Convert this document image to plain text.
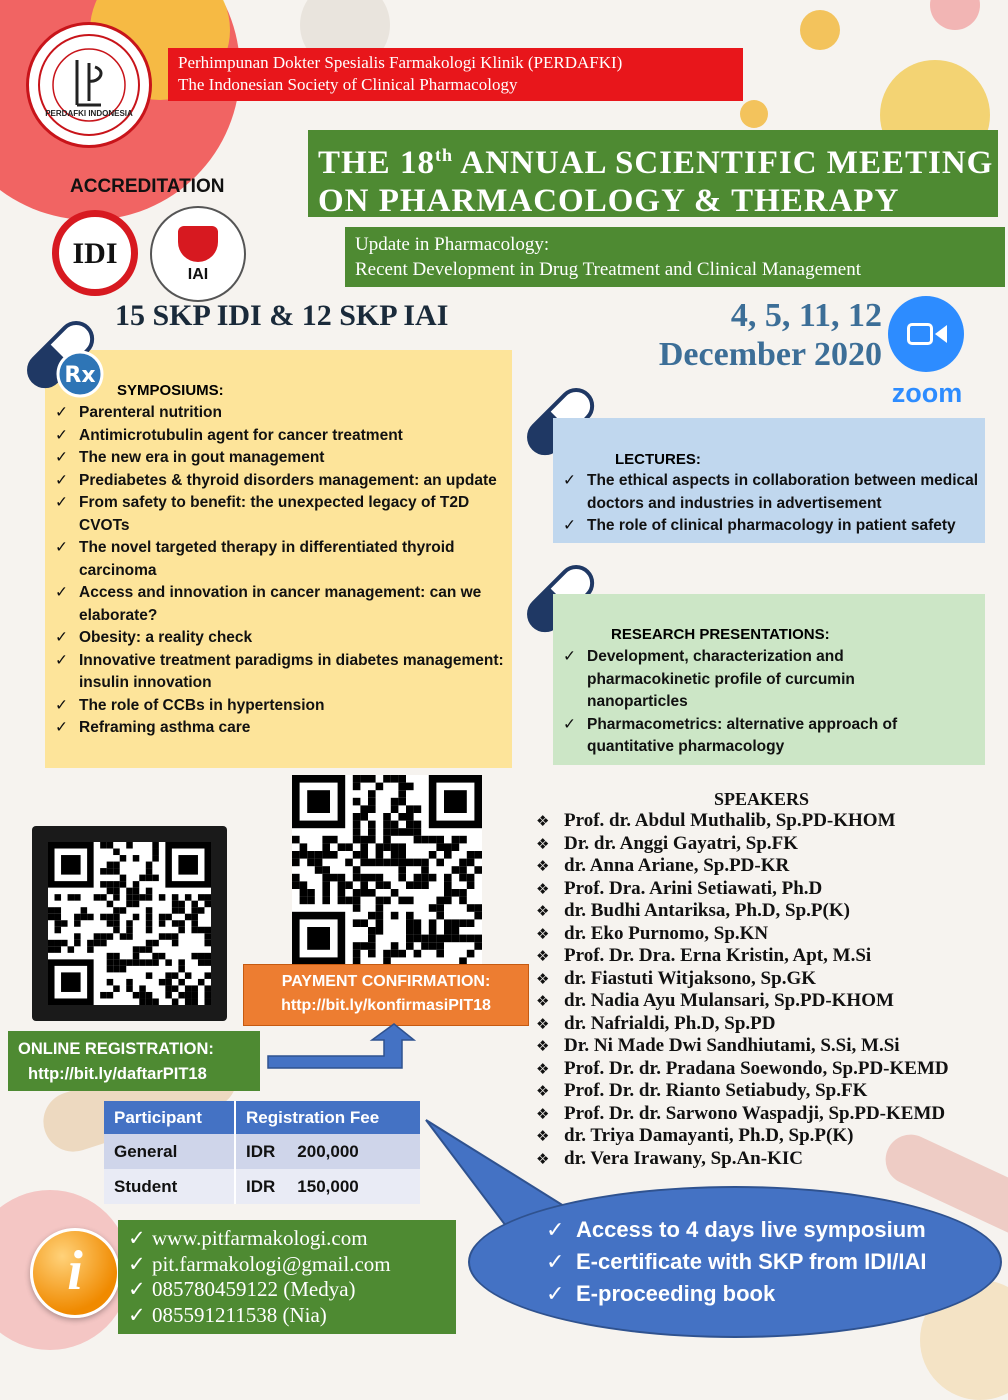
PERDAFKI INDONESIA
Perhimpunan Dokter Spesialis Farmakologi Klinik (PERDAFKI)
The Indonesian Society of Clinical Pharmacology
THE 18th ANNUAL SCIENTIFIC MEETING
ON PHARMACOLOGY & THERAPY
Update in Pharmacology:
Recent Development in Drug Treatment and Clinical Management
ACCREDITATION
IDI
IAI
15 SKP IDI & 12 SKP IAI	4, 5, 11, 12
December 2020
zoom
SYMPOSIUMS:
✓ Parenteral nutrition
✓ Antimicrotubulin agent for cancer treatment
✓ The new era in gout management
✓ Prediabetes & thyroid disorders management: an update
✓ From safety to benefit: the unexpected legacy of T2D CVOTs
✓ The novel targeted therapy in differentiated thyroid carcinoma
✓ Access and innovation in cancer management: can we elaborate?
✓ Obesity: a reality check
✓ Innovative treatment paradigms in diabetes management: insulin innovation
✓ The role of CCBs in hypertension
✓ Reframing asthma care
Rx
LECTURES:
✓ The ethical aspects in collaboration between medical doctors and industries in advertisement
✓ The role of clinical pharmacology in patient safety
RESEARCH PRESENTATIONS:
✓ Development, characterization and pharmacokinetic profile of curcumin nanoparticles
✓ Pharmacometrics: alternative approach of quantitative pharmacology
PAYMENT CONFIRMATION:
http://bit.ly/konfirmasiPIT18
ONLINE REGISTRATION:
http://bit.ly/daftarPIT18
Participant	Registration Fee
General	IDR 200,000
Student	IDR 150,000
SPEAKERS
❖ Prof. dr. Abdul Muthalib, Sp.PD-KHOM
❖ Dr. dr. Anggi Gayatri, Sp.FK
❖ dr. Anna Ariane, Sp.PD-KR
❖ Prof. Dra. Arini Setiawati, Ph.D
❖ dr. Budhi Antariksa, Ph.D, Sp.P(K)
❖ dr. Eko Purnomo, Sp.KN
❖ Prof. Dr. Dra. Erna Kristin, Apt, M.Si
❖ dr. Fiastuti Witjaksono, Sp.GK
❖ dr. Nadia Ayu Mulansari, Sp.PD-KHOM
❖ dr. Nafrialdi, Ph.D, Sp.PD
❖ Dr. Ni Made Dwi Sandhiutami, S.Si, M.Si
❖ Prof. Dr. dr. Pradana Soewondo, Sp.PD-KEMD
❖ Prof. Dr. dr. Rianto Setiabudy, Sp.FK
❖ Prof. Dr. dr. Sarwono Waspadji, Sp.PD-KEMD
❖ dr. Triya Damayanti, Ph.D, Sp.P(K)
❖ dr. Vera Irawany, Sp.An-KIC
i
✓ www.pitfarmakologi.com
✓ pit.farmakologi@gmail.com
✓ 085780459122 (Medya)
✓ 085591211538 (Nia)
✓ Access to 4 days live symposium
✓ E-certificate with SKP from IDI/IAI
✓ E-proceeding book
